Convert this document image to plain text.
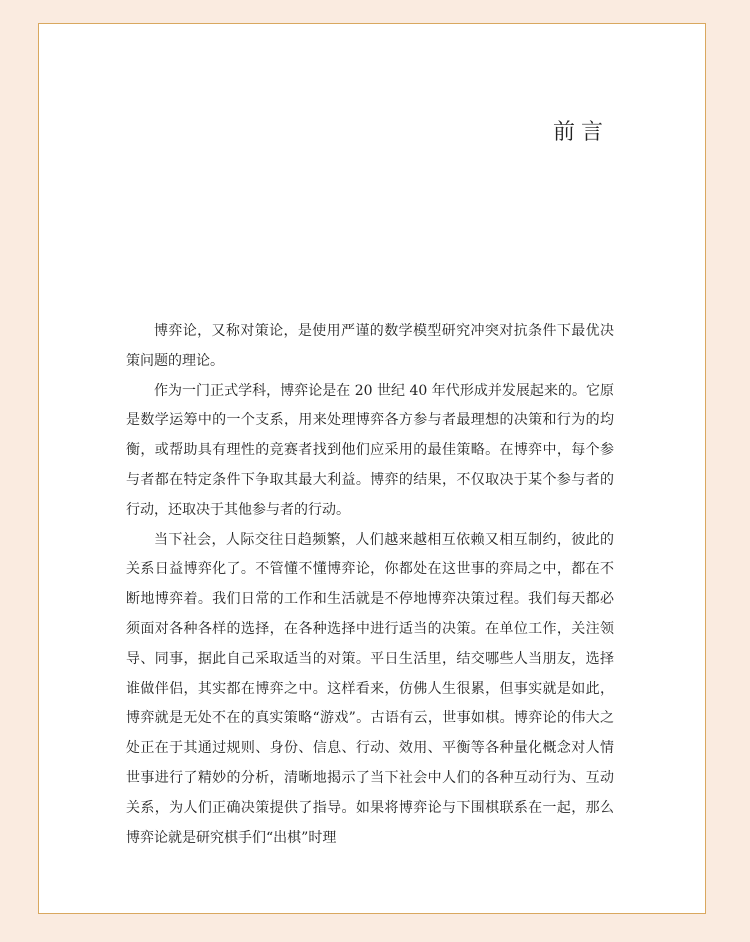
前言

博弈论，又称对策论，是使用严谨的数学模型研究冲突对抗条件下最优决策问题的理论。

作为一门正式学科，博弈论是在 20 世纪 40 年代形成并发展起来的。它原是数学运筹中的一个支系，用来处理博弈各方参与者最理想的决策和行为的均衡，或帮助具有理性的竞赛者找到他们应采用的最佳策略。在博弈中，每个参与者都在特定条件下争取其最大利益。博弈的结果，不仅取决于某个参与者的行动，还取决于其他参与者的行动。

当下社会，人际交往日趋频繁，人们越来越相互依赖又相互制约，彼此的关系日益博弈化了。不管懂不懂博弈论，你都处在这世事的弈局之中，都在不断地博弈着。我们日常的工作和生活就是不停地博弈决策过程。我们每天都必须面对各种各样的选择，在各种选择中进行适当的决策。在单位工作，关注领导、同事，据此自己采取适当的对策。平日生活里，结交哪些人当朋友，选择谁做伴侣，其实都在博弈之中。这样看来，仿佛人生很累，但事实就是如此，博弈就是无处不在的真实策略“游戏”。古语有云，世事如棋。博弈论的伟大之处正在于其通过规则、身份、信息、行动、效用、平衡等各种量化概念对人情世事进行了精妙的分析，清晰地揭示了当下社会中人们的各种互动行为、互动关系，为人们正确决策提供了指导。如果将博弈论与下围棋联系在一起，那么博弈论就是研究棋手们“出棋”时理
